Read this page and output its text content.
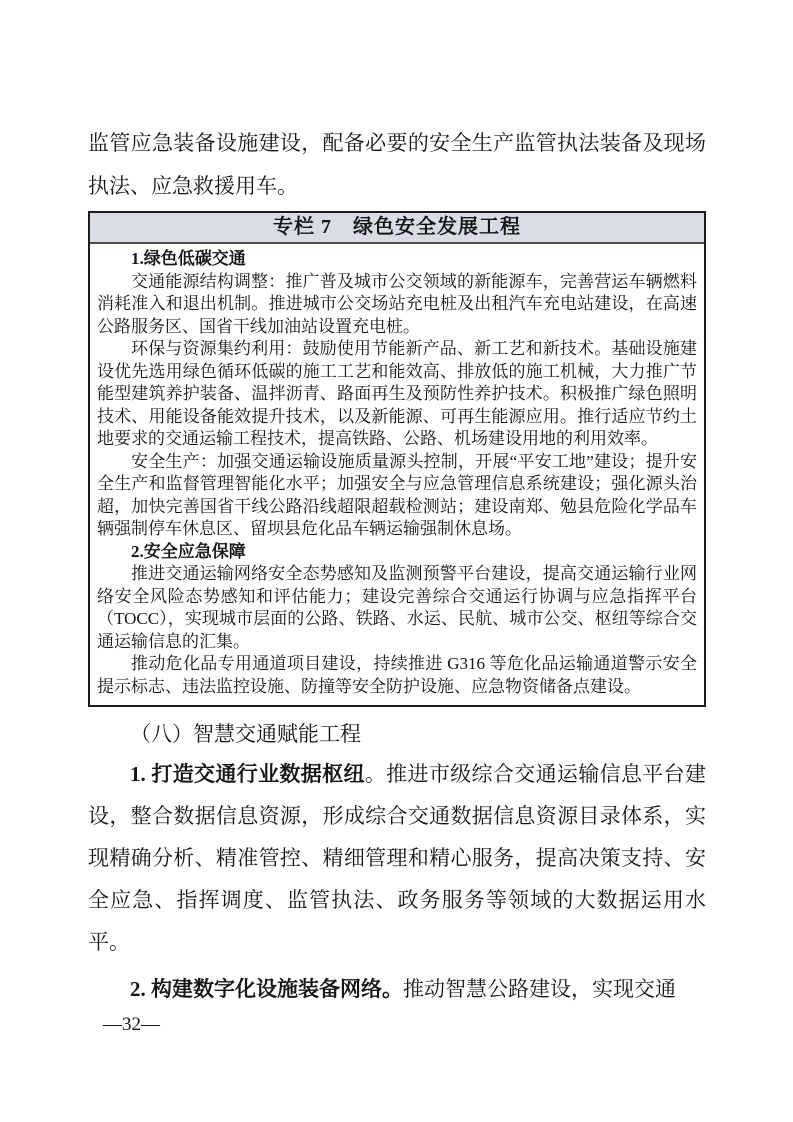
监管应急装备设施建设，配备必要的安全生产监管执法装备及现场执法、应急救援用车。

专栏 7　绿色安全发展工程

1.绿色低碳交通

交通能源结构调整：推广普及城市公交领域的新能源车，完善营运车辆燃料消耗准入和退出机制。推进城市公交场站充电桩及出租汽车充电站建设，在高速公路服务区、国省干线加油站设置充电桩。

环保与资源集约利用：鼓励使用节能新产品、新工艺和新技术。基础设施建设优先选用绿色循环低碳的施工工艺和能效高、排放低的施工机械，大力推广节能型建筑养护装备、温拌沥青、路面再生及预防性养护技术。积极推广绿色照明技术、用能设备能效提升技术，以及新能源、可再生能源应用。推行适应节约土地要求的交通运输工程技术，提高铁路、公路、机场建设用地的利用效率。

安全生产：加强交通运输设施质量源头控制，开展“平安工地”建设；提升安全生产和监督管理智能化水平；加强安全与应急管理信息系统建设；强化源头治超，加快完善国省干线公路沿线超限超载检测站；建设南郑、勉县危险化学品车辆强制停车休息区、留坝县危化品车辆运输强制休息场。

2.安全应急保障

推进交通运输网络安全态势感知及监测预警平台建设，提高交通运输行业网络安全风险态势感知和评估能力；建设完善综合交通运行协调与应急指挥平台（TOCC），实现城市层面的公路、铁路、水运、民航、城市公交、枢纽等综合交通运输信息的汇集。

推动危化品专用通道项目建设，持续推进 G316 等危化品运输通道警示安全提示标志、违法监控设施、防撞等安全防护设施、应急物资储备点建设。

（八）智慧交通赋能工程

1. 打造交通行业数据枢纽。推进市级综合交通运输信息平台建设，整合数据信息资源，形成综合交通数据信息资源目录体系，实现精确分析、精准管控、精细管理和精心服务，提高决策支持、安全应急、指挥调度、监管执法、政务服务等领域的大数据运用水平。

2. 构建数字化设施装备网络。推动智慧公路建设，实现交通

—32—
